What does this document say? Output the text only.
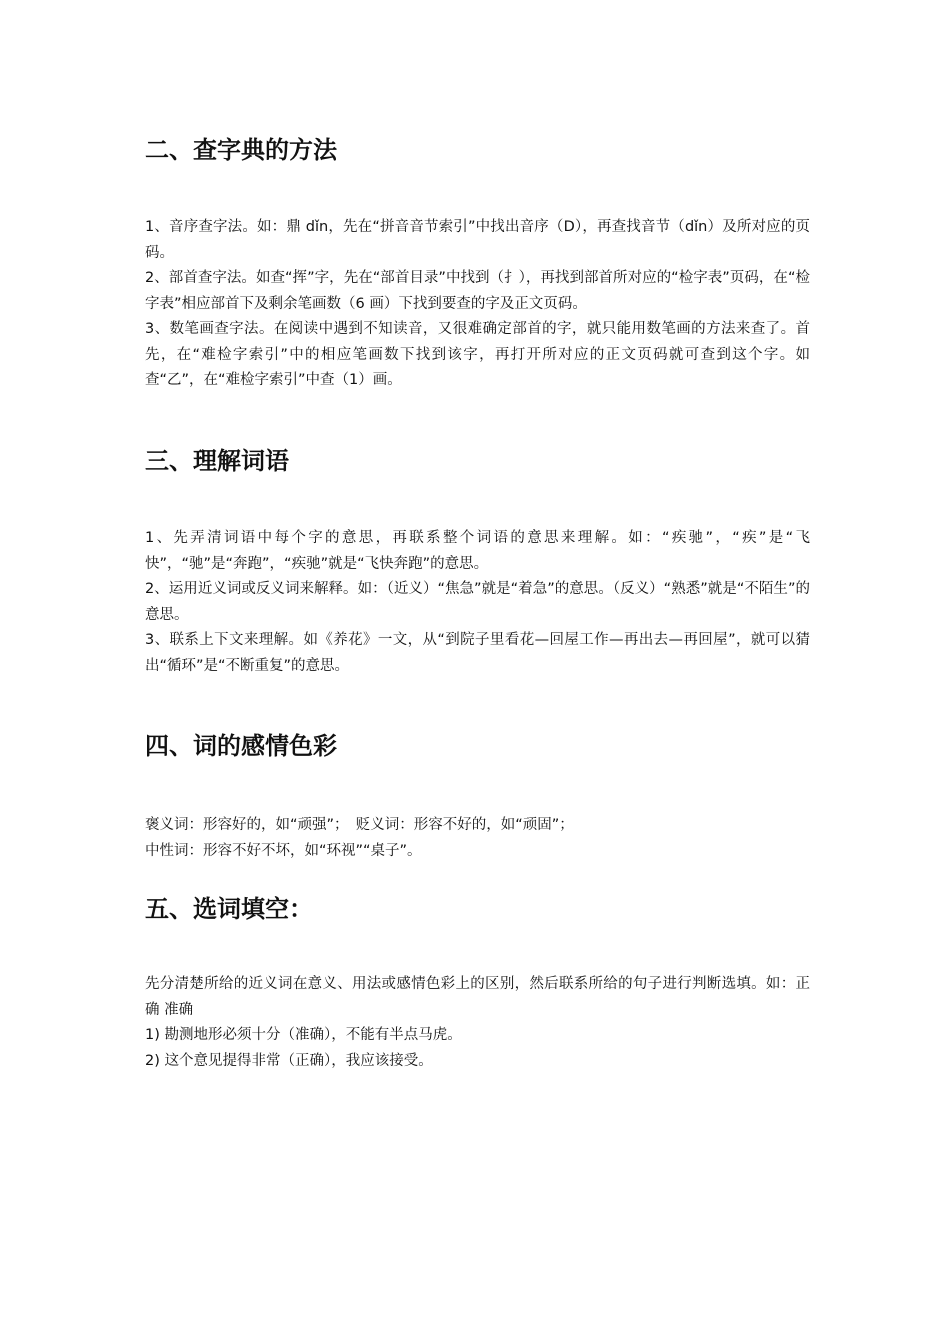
二、查字典的方法

1、音序查字法。如：鼎 dǐn，先在“拼音音节索引”中找出音序（D），再查找音节（dǐn）及所对应的页码。

2、部首查字法。如查“挥”字，先在“部首目录”中找到（扌），再找到部首所对应的“检字表”页码，在“检字表”相应部首下及剩余笔画数（6 画）下找到要查的字及正文页码。

3、数笔画查字法。在阅读中遇到不知读音，又很难确定部首的字，就只能用数笔画的方法来查了。首先，在“难检字索引”中的相应笔画数下找到该字，再打开所对应的正文页码就可查到这个字。如查“乙”，在“难检字索引”中查（1）画。

三、理解词语

1、先弄清词语中每个字的意思，再联系整个词语的意思来理解。如：“疾驰”，“疾”是“飞快”，“驰”是“奔跑”，“疾驰”就是“飞快奔跑”的意思。

2、运用近义词或反义词来解释。如：（近义）“焦急”就是“着急”的意思。（反义）“熟悉”就是“不陌生”的意思。

3、联系上下文来理解。如《养花》一文，从“到院子里看花—回屋工作—再出去—再回屋”，就可以猜出“循环”是“不断重复”的意思。

四、词的感情色彩

褒义词：形容好的，如“顽强”；　贬义词：形容不好的，如“顽固”；

中性词：形容不好不坏，如“环视”“桌子”。

五、选词填空：

先分清楚所给的近义词在意义、用法或感情色彩上的区别，然后联系所给的句子进行判断选填。如：正确 准确

1) 勘测地形必须十分（准确），不能有半点马虎。

2) 这个意见提得非常（正确），我应该接受。
